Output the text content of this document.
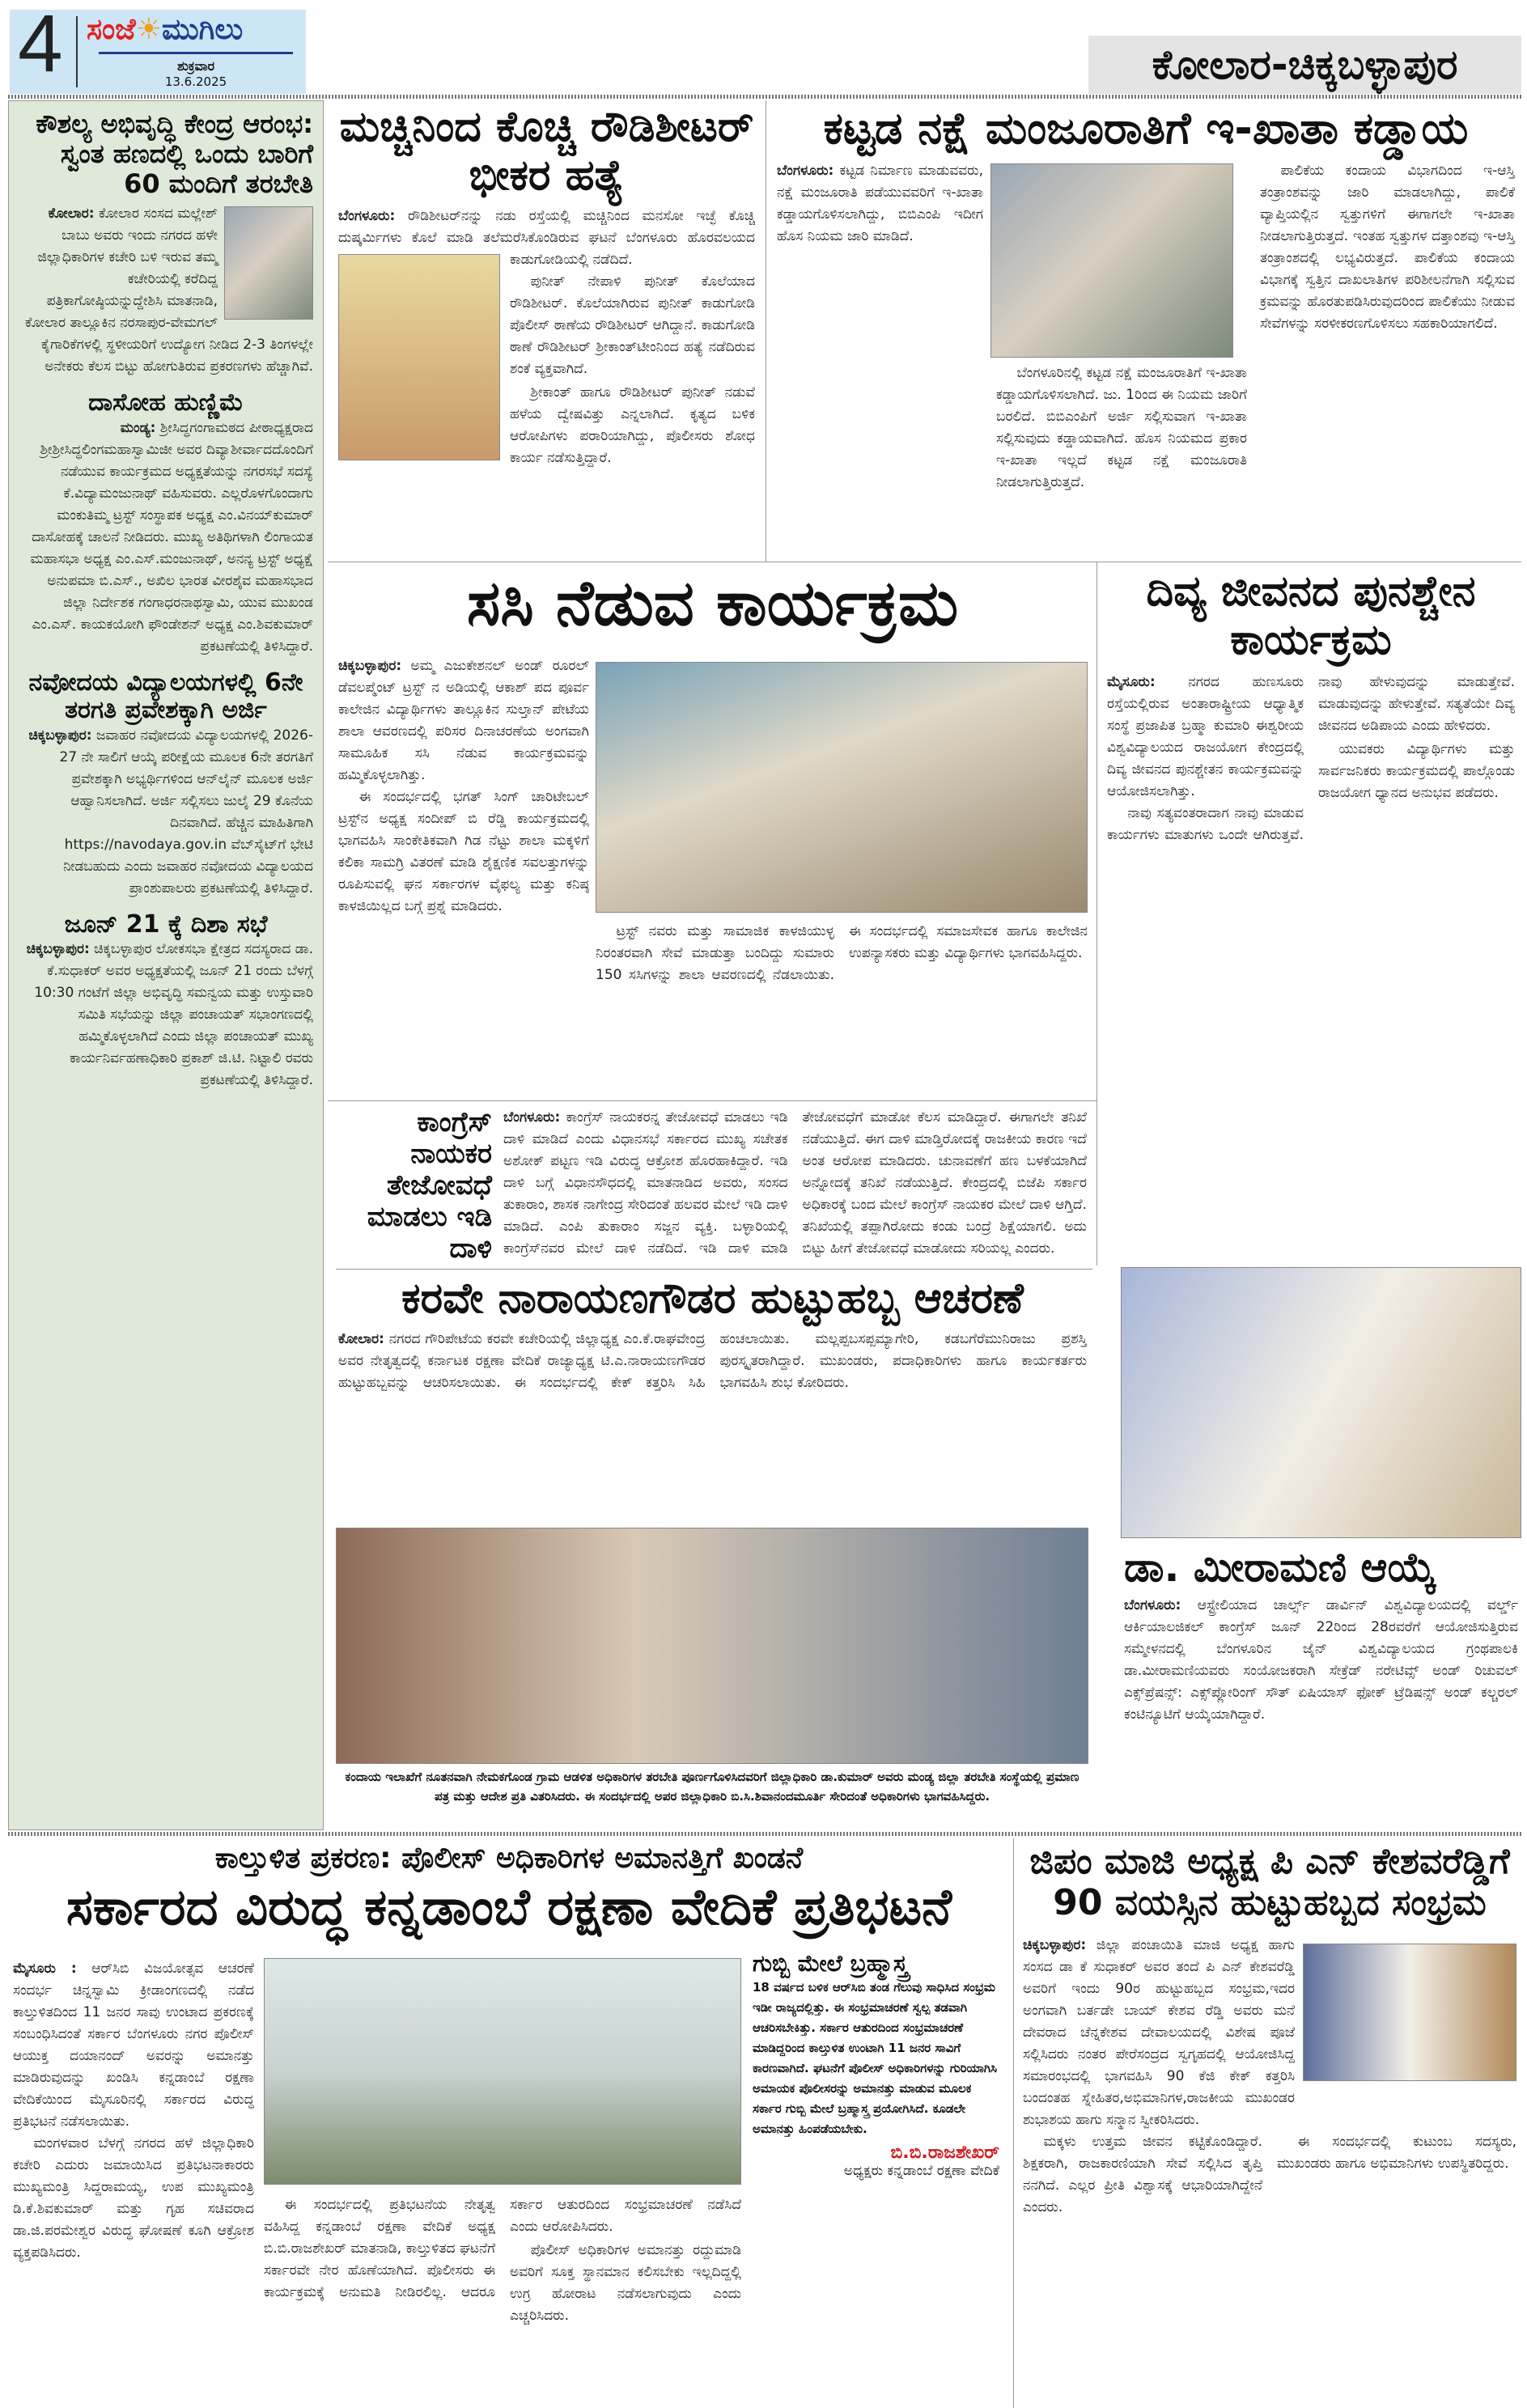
4 ಸಂಜೆ☀ಮುಗಿಲು
ಶುಕ್ರವಾರ
13.6.2025	ಕೋಲಾರ-ಚಿಕ್ಕಬಳ್ಳಾಪುರ
ಕೌಶಲ್ಯ ಅಭಿವೃದ್ಧಿ ಕೇಂದ್ರ ಆರಂಭ: ಸ್ವಂತ ಹಣದಲ್ಲಿ ಒಂದು ಬಾರಿಗೆ 60 ಮಂದಿಗೆ ತರಬೇತಿ
ಕೋಲಾರ: ಕೋಲಾರ ಸಂಸದ ಮಲ್ಲೇಶ್ ಬಾಬು ಅವರು ಇಂದು ನಗರದ ಹಳೇ ಜಿಲ್ಲಾಧಿಕಾರಿಗಳ ಕಚೇರಿ ಬಳಿ ಇರುವ ತಮ್ಮ ಕಚೇರಿಯಲ್ಲಿ ಕರೆದಿದ್ದ ಪತ್ರಿಕಾಗೋಷ್ಠಿಯನ್ನುದ್ದೇಶಿಸಿ ಮಾತನಾಡಿ, ಕೋಲಾರ ತಾಲ್ಲೂಕಿನ ನರಸಾಪುರ-ವೇಮಗಲ್ ಕೈಗಾರಿಕೆಗಳಲ್ಲಿ ಸ್ಥಳೀಯರಿಗೆ ಉದ್ಯೋಗ ನೀಡಿದ 2-3 ತಿಂಗಳಲ್ಲೇ ಅನೇಕರು ಕೆಲಸ ಬಿಟ್ಟು ಹೋಗುತಿರುವ ಪ್ರಕರಣಗಳು ಹೆಚ್ಚಾಗಿವೆ.
ದಾಸೋಹ ಹುಣ್ಣಿಮೆ
ಮಂಡ್ಯ: ಶ್ರೀಸಿದ್ಧಗಂಗಾಮಠದ ಪೀಠಾಧ್ಯಕ್ಷರಾದ ಶ್ರೀಶ್ರೀಸಿದ್ಧಲಿಂಗಮಹಾಸ್ವಾಮಿಜೀ ಅವರ ದಿವ್ಯಾಶೀರ್ವಾದದೊಂದಿಗೆ ನಡೆಯುವ ಕಾರ್ಯಕ್ರಮದ ಅಧ್ಯಕ್ಷತೆಯನ್ನು ನಗರಸಭೆ ಸದಸ್ಯೆ ಕೆ.ವಿದ್ಯಾಮಂಜುನಾಥ್ ವಹಿಸುವರು. ಎಲ್ಲರೊಳಗೊಂದಾಗು ಮಂಕುತಿಮ್ಮ ಟ್ರಸ್ಟ್ ಸಂಸ್ಥಾಪಕ ಅಧ್ಯಕ್ಷ ಎಂ.ವಿನಯ್‌ಕುಮಾರ್ ದಾಸೋಹಕ್ಕೆ ಚಾಲನೆ ನೀಡಿದರು. ಮುಖ್ಯ ಅತಿಥಿಗಳಾಗಿ ಲಿಂಗಾಯತ ಮಹಾಸಭಾ ಅಧ್ಯಕ್ಷ ಎಂ.ಎಸ್.ಮಂಜುನಾಥ್, ಅನನ್ಯ ಟ್ರಸ್ಟ್ ಅಧ್ಯಕ್ಷೆ ಅನುಪಮಾ ಬಿ.ಎಸ್., ಅಖಿಲ ಭಾರತ ವೀರಶೈವ ಮಹಾಸಭಾದ ಜಿಲ್ಲಾ ನಿರ್ದೇಶಕ ಗಂಗಾಧರನಾಥಸ್ವಾಮಿ, ಯುವ ಮುಖಂಡ ಎಂ.ಎಸ್. ಕಾಯಕಯೋಗಿ ಫೌಂಡೇಶನ್ ಅಧ್ಯಕ್ಷ ಎಂ.ಶಿವಕುಮಾರ್ ಪ್ರಕಟಣೆಯಲ್ಲಿ ತಿಳಿಸಿದ್ದಾರೆ.
ನವೋದಯ ವಿದ್ಯಾಲಯಗಳಲ್ಲಿ 6ನೇ ತರಗತಿ ಪ್ರವೇಶಕ್ಕಾಗಿ ಅರ್ಜಿ
ಚಿಕ್ಕಬಳ್ಳಾಪುರ: ಜವಾಹರ ನವೋದಯ ವಿದ್ಯಾಲಯಗಳಲ್ಲಿ 2026-27 ನೇ ಸಾಲಿಗೆ ಆಯ್ಕೆ ಪರೀಕ್ಷೆಯ ಮೂಲಕ 6ನೇ ತರಗತಿಗೆ ಪ್ರವೇಶಕ್ಕಾಗಿ ಅಭ್ಯರ್ಥಿಗಳಿಂದ ಆನ್‌ಲೈನ್ ಮೂಲಕ ಅರ್ಜಿ ಆಹ್ವಾನಿಸಲಾಗಿದೆ. ಅರ್ಜಿ ಸಲ್ಲಿಸಲು ಜುಲೈ 29 ಕೊನೆಯ ದಿನವಾಗಿದೆ. ಹೆಚ್ಚಿನ ಮಾಹಿತಿಗಾಗಿ https://navodaya.gov.in ವೆಬ್‌ಸೈಟ್‌ಗೆ ಭೇಟಿ ನೀಡಬಹುದು ಎಂದು ಜವಾಹರ ನವೋದಯ ವಿದ್ಯಾಲಯದ ಪ್ರಾಂಶುಪಾಲರು ಪ್ರಕಟಣೆಯಲ್ಲಿ ತಿಳಿಸಿದ್ದಾರೆ.
ಜೂನ್ 21 ಕ್ಕೆ ದಿಶಾ ಸಭೆ
ಚಿಕ್ಕಬಳ್ಳಾಪುರ: ಚಿಕ್ಕಬಳ್ಳಾಪುರ ಲೋಕಸಭಾ ಕ್ಷೇತ್ರದ ಸದಸ್ಯರಾದ ಡಾ. ಕೆ.ಸುಧಾಕರ್ ಅವರ ಅಧ್ಯಕ್ಷತೆಯಲ್ಲಿ ಜೂನ್ 21 ರಂದು ಬೆಳಗ್ಗೆ 10:30 ಗಂಟೆಗೆ ಜಿಲ್ಲಾ ಅಭಿವೃದ್ಧಿ ಸಮನ್ವಯ ಮತ್ತು ಉಸ್ತುವಾರಿ ಸಮಿತಿ ಸಭೆಯನ್ನು ಜಿಲ್ಲಾ ಪಂಚಾಯತ್ ಸಭಾಂಗಣದಲ್ಲಿ ಹಮ್ಮಿಕೊಳ್ಳಲಾಗಿದೆ ಎಂದು ಜಿಲ್ಲಾ ಪಂಚಾಯತ್ ಮುಖ್ಯ ಕಾರ್ಯನಿರ್ವಹಣಾಧಿಕಾರಿ ಪ್ರಕಾಶ್ ಜಿ.ಟಿ. ನಿಟ್ಟಾಲಿ ರವರು ಪ್ರಕಟಣೆಯಲ್ಲಿ ತಿಳಿಸಿದ್ದಾರೆ.
ಮಚ್ಚಿನಿಂದ ಕೊಚ್ಚಿ ರೌಡಿಶೀಟರ್ ಭೀಕರ ಹತ್ಯೆ
ಬೆಂಗಳೂರು: ರೌಡಿಶೀಟರ್‌ನನ್ನು ನಡು ರಸ್ತೆಯಲ್ಲಿ ಮಚ್ಚಿನಿಂದ ಮನಸೋ ಇಚ್ಛೆ ಕೊಚ್ಚಿ ದುಷ್ಕರ್ಮಿಗಳು ಕೊಲೆ ಮಾಡಿ ತಲೆಮರೆಸಿಕೊಂಡಿರುವ ಘಟನೆ ಬೆಂಗಳೂರು ಹೊರವಲಯದ ಕಾಡುಗೋಡಿಯಲ್ಲಿ ನಡೆದಿದೆ.

ಪುನೀತ್ ನೇಪಾಳಿ ಪುನೀತ್ ಕೊಲೆಯಾದ ರೌಡಿಶೀಟರ್. ಕೊಲೆಯಾಗಿರುವ ಪುನೀತ್ ಕಾಡುಗೋಡಿ ಪೊಲೀಸ್ ಠಾಣೆಯ ರೌಡಿಶೀಟರ್ ಆಗಿದ್ದಾನೆ. ಕಾಡುಗೋಡಿ ಠಾಣೆ ರೌಡಿಶೀಟರ್ ಶ್ರೀಕಾಂತ್‌ಟೀಂನಿಂದ ಹತ್ಯೆ ನಡೆದಿರುವ ಶಂಕೆ ವ್ಯಕ್ತವಾಗಿದೆ.

ಶ್ರೀಕಾಂತ್ ಹಾಗೂ ರೌಡಿಶೀಟರ್ ಪುನೀತ್ ನಡುವೆ ಹಳೆಯ ದ್ವೇಷವಿತ್ತು ಎನ್ನಲಾಗಿದೆ. ಕೃತ್ಯದ ಬಳಿಕ ಆರೋಪಿಗಳು ಪರಾರಿಯಾಗಿದ್ದು, ಪೊಲೀಸರು ಶೋಧ ಕಾರ್ಯ ನಡೆಸುತ್ತಿದ್ದಾರೆ.

ಕಟ್ಟಡ ನಕ್ಷೆ ಮಂಜೂರಾತಿಗೆ ಇ-ಖಾತಾ ಕಡ್ಡಾಯ
ಬೆಂಗಳೂರು: ಕಟ್ಟಡ ನಿರ್ಮಾಣ ಮಾಡುವವರು, ನಕ್ಷೆ ಮಂಜೂರಾತಿ ಪಡೆಯುವವರಿಗೆ ಇ-ಖಾತಾ ಕಡ್ಡಾಯಗೊಳಿಸಲಾಗಿದ್ದು, ಬಿಬಿಎಂಪಿ ಇದೀಗ ಹೊಸ ನಿಯಮ ಜಾರಿ ಮಾಡಿದೆ.

ಬೆಂಗಳೂರಿನಲ್ಲಿ ಕಟ್ಟಡ ನಕ್ಷೆ ಮಂಜೂರಾತಿಗೆ ಇ-ಖಾತಾ ಕಡ್ಡಾಯಗೊಳಿಸಲಾಗಿದೆ. ಜು. 1ರಿಂದ ಈ ನಿಯಮ ಜಾರಿಗೆ ಬರಲಿದೆ. ಬಿಬಿಎಂಪಿಗೆ ಅರ್ಜಿ ಸಲ್ಲಿಸುವಾಗ ಇ-ಖಾತಾ ಸಲ್ಲಿಸುವುದು ಕಡ್ಡಾಯವಾಗಿದೆ. ಹೊಸ ನಿಯಮದ ಪ್ರಕಾರ ಇ-ಖಾತಾ ಇಲ್ಲದೆ ಕಟ್ಟಡ ನಕ್ಷೆ ಮಂಜೂರಾತಿ ನೀಡಲಾಗುತ್ತಿರುತ್ತದೆ.

ಪಾಲಿಕೆಯ ಕಂದಾಯ ವಿಭಾಗದಿಂದ ಇ-ಆಸ್ತಿ ತಂತ್ರಾಂಶವನ್ನು ಜಾರಿ ಮಾಡಲಾಗಿದ್ದು, ಪಾಲಿಕೆ ವ್ಯಾಪ್ತಿಯಲ್ಲಿನ ಸ್ವತ್ತುಗಳಿಗೆ ಈಗಾಗಲೇ ಇ-ಖಾತಾ ನೀಡಲಾಗುತ್ತಿರುತ್ತದೆ. ಇಂತಹ ಸ್ವತ್ತುಗಳ ದತ್ತಾಂಶವು ಇ-ಆಸ್ತಿ ತಂತ್ರಾಂಶದಲ್ಲಿ ಲಭ್ಯವಿರುತ್ತದೆ. ಪಾಲಿಕೆಯ ಕಂದಾಯ ವಿಭಾಗಕ್ಕೆ ಸ್ವತ್ತಿನ ದಾಖಲಾತಿಗಳ ಪರಿಶೀಲನೆಗಾಗಿ ಸಲ್ಲಿಸುವ ಕ್ರಮವನ್ನು ಹೊರತುಪಡಿಸಿರುವುದರಿಂದ ಪಾಲಿಕೆಯು ನೀಡುವ ಸೇವೆಗಳನ್ನು ಸರಳೀಕರಣಗೊಳಿಸಲು ಸಹಕಾರಿಯಾಗಲಿದೆ.

ಸಸಿ ನೆಡುವ ಕಾರ್ಯಕ್ರಮ
ಚಿಕ್ಕಬಳ್ಳಾಪುರ: ಅಮ್ಮ ಎಜುಕೇಶನಲ್ ಅಂಡ್ ರೂರಲ್ ಡೆವಲಪ್ಮೆಂಟ್ ಟ್ರಸ್ಟ್ ನ ಅಡಿಯಲ್ಲಿ ಆಕಾಶ್ ಪದ ಪೂರ್ವ ಕಾಲೇಜಿನ ವಿದ್ಯಾರ್ಥಿಗಳು ತಾಲ್ಲೂಕಿನ ಸುಲ್ತಾನ್ ಪೇಟೆಯ ಶಾಲಾ ಆವರಣದಲ್ಲಿ ಪರಿಸರ ದಿನಾಚರಣೆಯ ಅಂಗವಾಗಿ ಸಾಮೂಹಿಕ ಸಸಿ ನೆಡುವ ಕಾರ್ಯಕ್ರಮವನ್ನು ಹಮ್ಮಿಕೊಳ್ಳಲಾಗಿತ್ತು.

ಈ ಸಂದರ್ಭದಲ್ಲಿ ಭಗತ್ ಸಿಂಗ್ ಚಾರಿಟೇಬಲ್ ಟ್ರಸ್ಟ್‌ನ ಅಧ್ಯಕ್ಷ ಸಂದೀಪ್ ಬಿ ರೆಡ್ಡಿ ಕಾರ್ಯಕ್ರಮದಲ್ಲಿ ಭಾಗವಹಿಸಿ ಸಾಂಕೇತಿಕವಾಗಿ ಗಿಡ ನೆಟ್ಟು ಶಾಲಾ ಮಕ್ಕಳಿಗೆ ಕಲಿಕಾ ಸಾಮಗ್ರಿ ವಿತರಣೆ ಮಾಡಿ ಶೈಕ್ಷಣಿಕ ಸವಲತ್ತುಗಳನ್ನು ರೂಪಿಸುವಲ್ಲಿ ಘನ ಸರ್ಕಾರಗಳ ವೈಫಲ್ಯ ಮತ್ತು ಕನಿಷ್ಠ ಕಾಳಜಿಯಿಲ್ಲದ ಬಗ್ಗೆ ಪ್ರಶ್ನೆ ಮಾಡಿದರು.

ಟ್ರಸ್ಟ್ ನವರು ಮತ್ತು ಸಾಮಾಜಿಕ ಕಾಳಜಿಯುಳ್ಳ ನಿರಂತರವಾಗಿ ಸೇವೆ ಮಾಡುತ್ತಾ ಬಂದಿದ್ದು ಸುಮಾರು 150 ಸಸಿಗಳನ್ನು ಶಾಲಾ ಆವರಣದಲ್ಲಿ ನೆಡಲಾಯಿತು. ಈ ಸಂದರ್ಭದಲ್ಲಿ ಸಮಾಜಸೇವಕ ಹಾಗೂ ಕಾಲೇಜಿನ ಉಪನ್ಯಾಸಕರು ಮತ್ತು ವಿದ್ಯಾರ್ಥಿಗಳು ಭಾಗವಹಿಸಿದ್ದರು.

ದಿವ್ಯ ಜೀವನದ ಪುನಶ್ಚೇನ ಕಾರ್ಯಕ್ರಮ
ಮೈಸೂರು: ನಗರದ ಹುಣಸೂರು ರಸ್ತೆಯಲ್ಲಿರುವ ಅಂತಾರಾಷ್ಟ್ರೀಯ ಆಧ್ಯಾತ್ಮಿಕ ಸಂಸ್ಥೆ ಪ್ರಜಾಪಿತ ಬ್ರಹ್ಮಾ ಕುಮಾರಿ ಈಶ್ವರೀಯ ವಿಶ್ವವಿದ್ಯಾಲಯದ ರಾಜಯೋಗ ಕೇಂದ್ರದಲ್ಲಿ ದಿವ್ಯ ಜೀವನದ ಪುನಶ್ಚೇತನ ಕಾರ್ಯಕ್ರಮವನ್ನು ಆಯೋಜಿಸಲಾಗಿತ್ತು.

ನಾವು ಸತ್ಯವಂತರಾದಾಗ ನಾವು ಮಾಡುವ ಕಾರ್ಯಗಳು ಮಾತುಗಳು ಒಂದೇ ಆಗಿರುತ್ತವೆ. ನಾವು ಹೇಳುವುದನ್ನು ಮಾಡುತ್ತೇವೆ. ಮಾಡುವುದನ್ನು ಹೇಳುತ್ತೇವೆ. ಸತ್ಯತೆಯೇ ದಿವ್ಯ ಜೀವನದ ಅಡಿಪಾಯ ಎಂದು ಹೇಳಿದರು.

ಯುವಕರು ವಿದ್ಯಾರ್ಥಿಗಳು ಮತ್ತು ಸಾರ್ವಜನಿಕರು ಕಾರ್ಯಕ್ರಮದಲ್ಲಿ ಪಾಲ್ಗೊಂಡು ರಾಜಯೋಗ ಧ್ಯಾನದ ಅನುಭವ ಪಡೆದರು.

ಕಾಂಗ್ರೆಸ್ ನಾಯಕರ ತೇಜೋವಧೆ ಮಾಡಲು ಇಡಿ ದಾಳಿ
ಬೆಂಗಳೂರು: ಕಾಂಗ್ರೆಸ್ ನಾಯಕರನ್ನ ತೇಜೋವಧೆ ಮಾಡಲು ಇಡಿ ದಾಳಿ ಮಾಡಿದೆ ಎಂದು ವಿಧಾನಸಭೆ ಸರ್ಕಾರದ ಮುಖ್ಯ ಸಚೇತಕ ಅಶೋಕ್ ಪಟ್ಟಣ ಇಡಿ ವಿರುದ್ಧ ಆಕ್ರೋಶ ಹೊರಹಾಕಿದ್ದಾರೆ. ಇಡಿ ದಾಳಿ ಬಗ್ಗೆ ವಿಧಾನಸೌಧದಲ್ಲಿ ಮಾತನಾಡಿದ ಅವರು, ಸಂಸದ ತುಕಾರಾಂ, ಶಾಸಕ ನಾಗೇಂದ್ರ ಸೇರಿದಂತೆ ಹಲವರ ಮೇಲೆ ಇಡಿ ದಾಳಿ ಮಾಡಿದೆ. ಎಂಪಿ ತುಕಾರಾಂ ಸಜ್ಜನ ವ್ಯಕ್ತಿ. ಬಳ್ಳಾರಿಯಲ್ಲಿ ಕಾಂಗ್ರೆಸ್‌ನವರ ಮೇಲೆ ದಾಳಿ ನಡೆದಿದೆ. ಇಡಿ ದಾಳಿ ಮಾಡಿ ತೇಜೋವಧೆಗೆ ಮಾಡೋ ಕೆಲಸ ಮಾಡಿದ್ದಾರೆ. ಈಗಾಗಲೇ ತನಿಖೆ ನಡೆಯುತ್ತಿದೆ. ಈಗ ದಾಳಿ ಮಾಡ್ತಿರೋದಕ್ಕೆ ರಾಜಕೀಯ ಕಾರಣ ಇದೆ ಅಂತ ಆರೋಪ ಮಾಡಿದರು. ಚುನಾವಣೆಗೆ ಹಣ ಬಳಕೆಯಾಗಿದೆ ಅನ್ನೋದಕ್ಕೆ ತನಿಖೆ ನಡೆಯುತ್ತಿದೆ. ಕೇಂದ್ರದಲ್ಲಿ ಬಿಜೆಪಿ ಸರ್ಕಾರ ಅಧಿಕಾರಕ್ಕೆ ಬಂದ ಮೇಲೆ ಕಾಂಗ್ರೆಸ್ ನಾಯಕರ ಮೇಲೆ ದಾಳಿ ಆಗ್ತಿದೆ. ತನಿಖೆಯಲ್ಲಿ ತಪ್ಪಾಗಿರೋದು ಕಂಡು ಬಂದ್ರೆ ಶಿಕ್ಷೆಯಾಗಲಿ. ಅದು ಬಿಟ್ಟು ಹೀಗೆ ತೇಜೋವಧೆ ಮಾಡೋದು ಸರಿಯಲ್ಲ ಎಂದರು.
ಕರವೇ ನಾರಾಯಣಗೌಡರ ಹುಟ್ಟುಹಬ್ಬ ಆಚರಣೆ
ಕೋಲಾರ: ನಗರದ ಗೌರಿಪೇಟೆಯ ಕರವೇ ಕಚೇರಿಯಲ್ಲಿ ಜಿಲ್ಲಾಧ್ಯಕ್ಷ ಎಂ.ಕೆ.ರಾಘವೇಂದ್ರ ಅವರ ನೇತೃತ್ವದಲ್ಲಿ ಕರ್ನಾಟಕ ರಕ್ಷಣಾ ವೇದಿಕೆ ರಾಜ್ಯಾಧ್ಯಕ್ಷ ಟಿ.ಎ.ನಾರಾಯಣಗೌಡರ ಹುಟ್ಟುಹಬ್ಬವನ್ನು ಆಚರಿಸಲಾಯಿತು. ಈ ಸಂದರ್ಭದಲ್ಲಿ ಕೇಕ್ ಕತ್ತರಿಸಿ ಸಿಹಿ ಹಂಚಲಾಯಿತು. ಮಲ್ಲಪ್ಪಬಸಪ್ಪಮ್ಯಾಗೇರಿ, ಕಡಬಗೆರೆಮುನಿರಾಜು ಪ್ರಶಸ್ತಿ ಪುರಸ್ಕೃತರಾಗಿದ್ದಾರೆ. ಮುಖಂಡರು, ಪದಾಧಿಕಾರಿಗಳು ಹಾಗೂ ಕಾರ್ಯಕರ್ತರು ಭಾಗವಹಿಸಿ ಶುಭ ಕೋರಿದರು.
ಕಂದಾಯ ಇಲಾಖೆಗೆ ನೂತನವಾಗಿ ನೇಮಕಗೊಂಡ ಗ್ರಾಮ ಆಡಳಿತ ಅಧಿಕಾರಿಗಳ ತರಬೇತಿ ಪೂರ್ಣಗೊಳಿಸಿದವರಿಗೆ ಜಿಲ್ಲಾಧಿಕಾರಿ ಡಾ.ಕುಮಾರ್ ಅವರು ಮಂಡ್ಯ ಜಿಲ್ಲಾ ತರಬೇತಿ ಸಂಸ್ಥೆಯಲ್ಲಿ ಪ್ರಮಾಣ ಪತ್ರ ಮತ್ತು ಆದೇಶ ಪ್ರತಿ ವಿತರಿಸಿದರು. ಈ ಸಂದರ್ಭದಲ್ಲಿ ಅಪರ ಜಿಲ್ಲಾಧಿಕಾರಿ ಬಿ.ಸಿ.ಶಿವಾನಂದಮೂರ್ತಿ ಸೇರಿದಂತೆ ಅಧಿಕಾರಿಗಳು ಭಾಗವಹಿಸಿದ್ದರು.
ಡಾ. ಮೀರಾಮಣಿ ಆಯ್ಕೆ
ಬೆಂಗಳೂರು: ಆಸ್ಟ್ರೇಲಿಯಾದ ಚಾರ್ಲ್ಸ್ ಡಾರ್ವಿನ್ ವಿಶ್ವವಿದ್ಯಾಲಯದಲ್ಲಿ ವರ್ಲ್ಡ್ ಆರ್ಕಿಯಾಲಜಿಕಲ್ ಕಾಂಗ್ರೆಸ್ ಜೂನ್ 22ರಿಂದ 28ರವರೆಗೆ ಆಯೋಜಿಸುತ್ತಿರುವ ಸಮ್ಮೇಳನದಲ್ಲಿ ಬೆಂಗಳೂರಿನ ಜೈನ್ ವಿಶ್ವವಿದ್ಯಾಲಯದ ಗ್ರಂಥಪಾಲಕಿ ಡಾ.ಮೀರಾಮಣಿಯವರು ಸಂಯೋಜಕರಾಗಿ ಸೇಕ್ರೆಡ್ ನರೇಟಿವ್ಸ್ ಅಂಡ್ ರಿಚುವಲ್ ಎಕ್ಸ್‌ಪ್ರೆಷನ್ಸ್: ಎಕ್ಸ್‌ಪ್ಲೋರಿಂಗ್ ಸೌತ್ ಏಷಿಯಾಸ್ ಫೋಕ್ ಟ್ರೆಡಿಷನ್ಸ್ ಅಂಡ್ ಕಲ್ಚರಲ್ ಕಂಟಿನ್ಯೂಟಿಗೆ ಆಯ್ಕೆಯಾಗಿದ್ದಾರೆ.
ಕಾಲ್ತುಳಿತ ಪ್ರಕರಣ: ಪೊಲೀಸ್ ಅಧಿಕಾರಿಗಳ ಅಮಾನತ್ತಿಗೆ ಖಂಡನೆ
ಸರ್ಕಾರದ ವಿರುದ್ಧ ಕನ್ನಡಾಂಬೆ ರಕ್ಷಣಾ ವೇದಿಕೆ ಪ್ರತಿಭಟನೆ
ಮೈಸೂರು : ಆರ್‌ಸಿಬಿ ವಿಜಯೋತ್ಸವ ಆಚರಣೆ ಸಂದರ್ಭ ಚಿನ್ನಸ್ವಾಮಿ ಕ್ರೀಡಾಂಗಣದಲ್ಲಿ ನಡೆದ ಕಾಲ್ತುಳಿತದಿಂದ 11 ಜನರ ಸಾವು ಉಂಟಾದ ಪ್ರಕರಣಕ್ಕೆ ಸಂಬಂಧಿಸಿದಂತೆ ಸರ್ಕಾರ ಬೆಂಗಳೂರು ನಗರ ಪೊಲೀಸ್ ಆಯುಕ್ತ ದಯಾನಂದ್ ಅವರನ್ನು ಅಮಾನತ್ತು ಮಾಡಿರುವುದನ್ನು ಖಂಡಿಸಿ ಕನ್ನಡಾಂಬೆ ರಕ್ಷಣಾ ವೇದಿಕೆಯಿಂದ ಮೈಸೂರಿನಲ್ಲಿ ಸರ್ಕಾರದ ವಿರುದ್ಧ ಪ್ರತಿಭಟನೆ ನಡೆಸಲಾಯಿತು.

ಮಂಗಳವಾರ ಬೆಳಗ್ಗೆ ನಗರದ ಹಳೆ ಜಿಲ್ಲಾಧಿಕಾರಿ ಕಚೇರಿ ಎದುರು ಜಮಾಯಿಸಿದ ಪ್ರತಿಭಟನಾಕಾರರು ಮುಖ್ಯಮಂತ್ರಿ ಸಿದ್ದರಾಮಯ್ಯ, ಉಪ ಮುಖ್ಯಮಂತ್ರಿ ಡಿ.ಕೆ.ಶಿವಕುಮಾರ್ ಮತ್ತು ಗೃಹ ಸಚಿವರಾದ ಡಾ.ಜಿ.ಪರಮೇಶ್ವರ ವಿರುದ್ಧ ಘೋಷಣೆ ಕೂಗಿ ಆಕ್ರೋಶ ವ್ಯಕ್ತಪಡಿಸಿದರು.

ಈ ಸಂದರ್ಭದಲ್ಲಿ ಪ್ರತಿಭಟನೆಯ ನೇತೃತ್ವ ವಹಿಸಿದ್ದ ಕನ್ನಡಾಂಬೆ ರಕ್ಷಣಾ ವೇದಿಕೆ ಅಧ್ಯಕ್ಷ ಬಿ.ಬಿ.ರಾಜಶೇಖರ್ ಮಾತನಾಡಿ, ಕಾಲ್ತುಳಿತದ ಘಟನೆಗೆ ಸರ್ಕಾರವೇ ನೇರ ಹೊಣೆಯಾಗಿದೆ. ಪೊಲೀಸರು ಈ ಕಾರ್ಯಕ್ರಮಕ್ಕೆ ಅನುಮತಿ ನೀಡಿರಲಿಲ್ಲ. ಆದರೂ ಸರ್ಕಾರ ಆತುರದಿಂದ ಸಂಭ್ರಮಾಚರಣೆ ನಡೆಸಿದೆ ಎಂದು ಆರೋಪಿಸಿದರು.

ಪೊಲೀಸ್ ಅಧಿಕಾರಿಗಳ ಅಮಾನತ್ತು ರದ್ದುಮಾಡಿ ಅವರಿಗೆ ಸೂಕ್ತ ಸ್ಥಾನಮಾನ ಕಲಿಸಬೇಕು ಇಲ್ಲದಿದ್ದಲ್ಲಿ ಉಗ್ರ ಹೋರಾಟ ನಡೆಸಲಾಗುವುದು ಎಂದು ಎಚ್ಚರಿಸಿದರು.

ಗುಬ್ಬಿ ಮೇಲೆ ಬ್ರಹ್ಮಾಸ್ತ್ರ
18 ವರ್ಷದ ಬಳಿಕ ಆರ್‌ಸಿಬಿ ತಂಡ ಗೆಲುವು ಸಾಧಿಸಿದ ಸಂಭ್ರಮ ಇಡೀ ರಾಜ್ಯದಲ್ಲಿತ್ತು. ಈ ಸಂಭ್ರಮಾಚರಣೆ ಸ್ವಲ್ಪ ತಡವಾಗಿ ಆಚರಿಸಬೇಕಿತ್ತು. ಸರ್ಕಾರ ಆತುರದಿಂದ ಸಂಭ್ರಮಾಚರಣೆ ಮಾಡಿದ್ದರಿಂದ ಕಾಲ್ತುಳಿತ ಉಂಟಾಗಿ 11 ಜನರ ಸಾವಿಗೆ ಕಾರಣವಾಗಿದೆ. ಘಟನೆಗೆ ಪೊಲೀಸ್ ಅಧಿಕಾರಿಗಳನ್ನು ಗುರಿಯಾಗಿಸಿ ಅಮಾಯಕ ಪೊಲೀಸರನ್ನು ಅಮಾನತ್ತು ಮಾಡುವ ಮೂಲಕ ಸರ್ಕಾರ ಗುಬ್ಬಿ ಮೇಲೆ ಬ್ರಹ್ಮಾಸ್ತ್ರ ಪ್ರಯೋಗಿಸಿದೆ. ಕೂಡಲೇ ಅಮಾನತ್ತು ಹಿಂಪಡೆಯಬೇಕು.
ಬಿ.ಬಿ.ರಾಜಶೇಖರ್
ಅಧ್ಯಕ್ಷರು ಕನ್ನಡಾಂಬೆ ರಕ್ಷಣಾ ವೇದಿಕೆ
ಜಿಪಂ ಮಾಜಿ ಅಧ್ಯಕ್ಷ ಪಿ ಎನ್ ಕೇಶವರೆಡ್ಡಿಗೆ 90 ವಯಸ್ಸಿನ ಹುಟ್ಟುಹಬ್ಬದ ಸಂಭ್ರಮ
ಚಿಕ್ಕಬಳ್ಳಾಪುರ: ಜಿಲ್ಲಾ ಪಂಚಾಯಿತಿ ಮಾಜಿ ಅಧ್ಯಕ್ಷ ಹಾಗು ಸಂಸದ ಡಾ ಕೆ ಸುಧಾಕರ್ ಅವರ ತಂದೆ ಪಿ ಎನ್ ಕೇಶವರೆಡ್ಡಿ ಅವರಿಗೆ ಇಂದು 90ರ ಹುಟ್ಟುಹಬ್ಬದ ಸಂಭ್ರಮ,ಇದರ ಅಂಗವಾಗಿ ಬರ್ತಡೇ ಬಾಯ್ ಕೇಶವ ರೆಡ್ಡಿ ಅವರು ಮನೆ ದೇವರಾದ ಚೆನ್ನಕೇಶವ ದೇವಾಲಯದಲ್ಲಿ ವಿಶೇಷ ಪೂಜೆ ಸಲ್ಲಿಸಿದರು ನಂತರ ಪೇರೆಸಂದ್ರದ ಸ್ವಗೃಹದಲ್ಲಿ ಆಯೋಜಿಸಿದ್ದ ಸಮಾರಂಭದಲ್ಲಿ ಭಾಗವಹಿಸಿ 90 ಕೆಜಿ ಕೇಕ್ ಕತ್ತರಿಸಿ ಬಂದಂತಹ ಸ್ನೇಹಿತರ,ಅಭಿಮಾನಿಗಳ,ರಾಜಕೀಯ ಮುಖಂಡರ ಶುಭಾಶಯ ಹಾಗು ಸನ್ಮಾನ ಸ್ವೀಕರಿಸಿದರು.

ಮಕ್ಕಳು ಉತ್ತಮ ಜೀವನ ಕಟ್ಟಿಕೊಂಡಿದ್ದಾರೆ. ಶಿಕ್ಷಕರಾಗಿ, ರಾಜಕಾರಣಿಯಾಗಿ ಸೇವೆ ಸಲ್ಲಿಸಿದ ತೃಪ್ತಿ ನನಗಿದೆ. ಎಲ್ಲರ ಪ್ರೀತಿ ವಿಶ್ವಾಸಕ್ಕೆ ಆಭಾರಿಯಾಗಿದ್ದೇನೆ ಎಂದರು.

ಈ ಸಂದರ್ಭದಲ್ಲಿ ಕುಟುಂಬ ಸದಸ್ಯರು, ಮುಖಂಡರು ಹಾಗೂ ಅಭಿಮಾನಿಗಳು ಉಪಸ್ಥಿತರಿದ್ದರು.
